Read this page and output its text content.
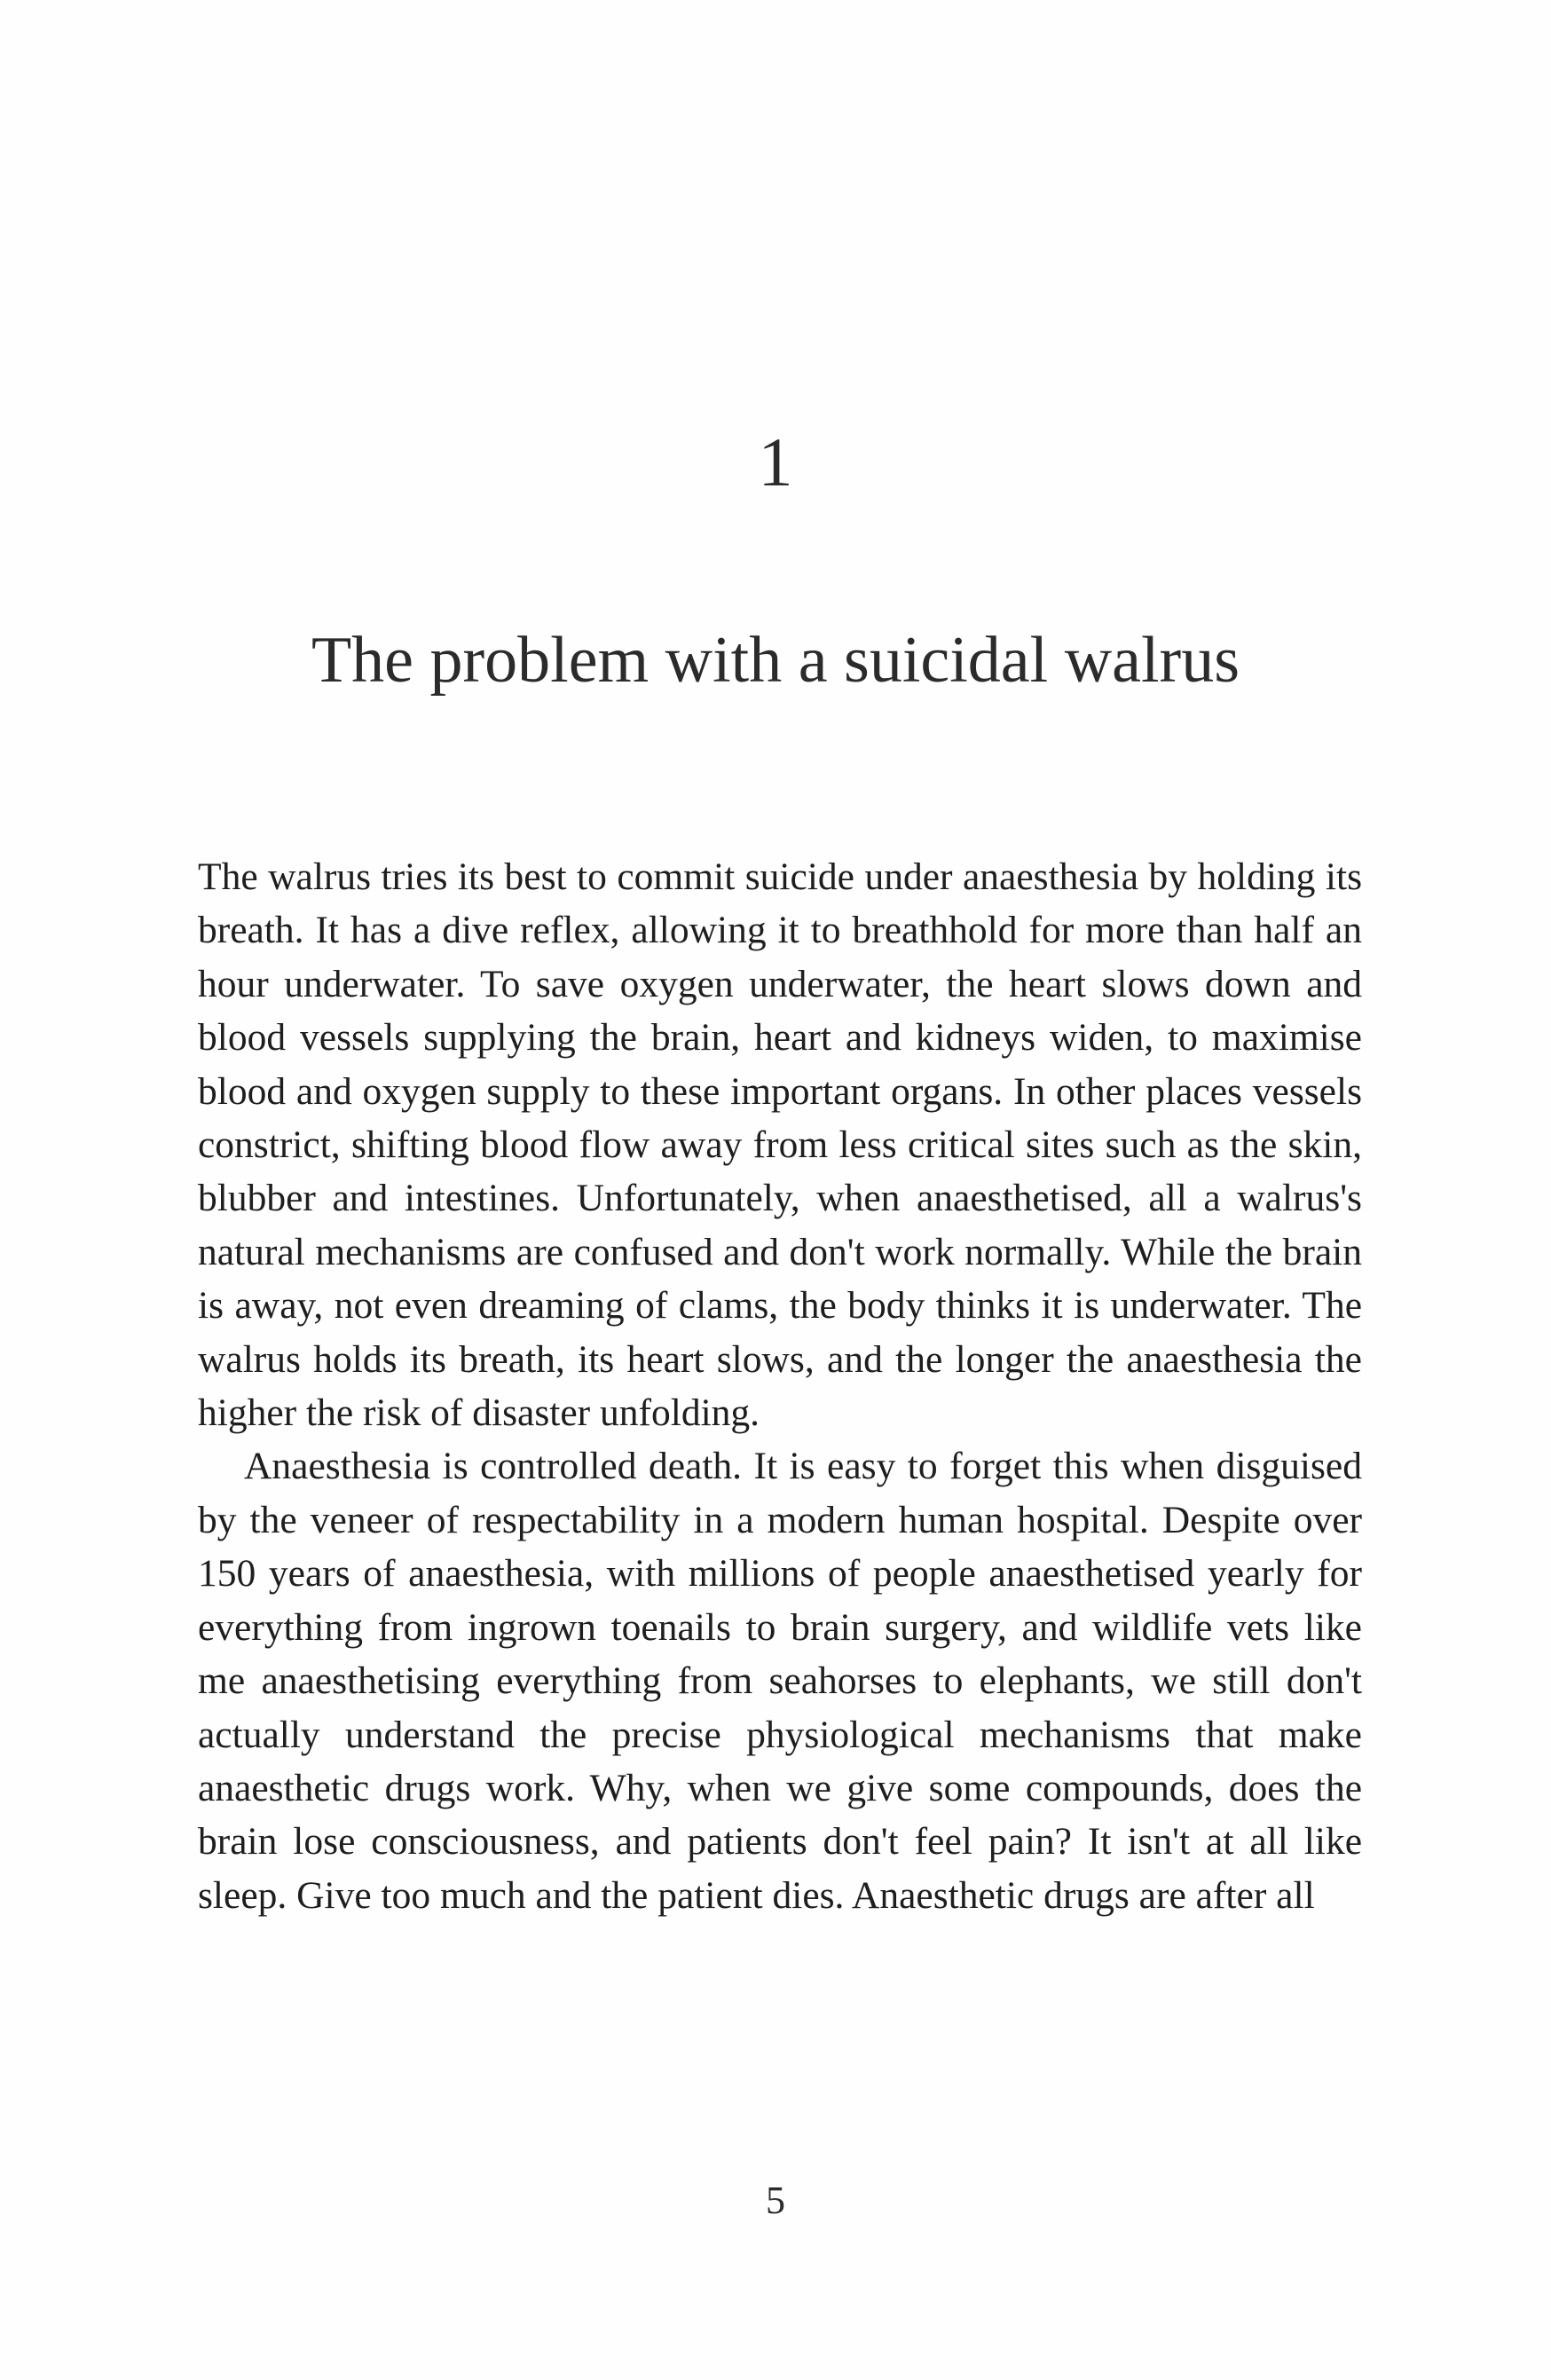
1
The problem with a suicidal walrus

The walrus tries its best to commit suicide under anaesthesia by holding its breath. It has a dive reflex, allowing it to breathhold for more than half an hour underwater. To save oxygen underwater, the heart slows down and blood vessels supplying the brain, heart and kidneys widen, to maximise blood and oxygen supply to these important organs. In other places vessels constrict, shifting blood flow away from less critical sites such as the skin, blubber and intestines. Unfortunately, when anaesthetised, all a walrus's natural mechanisms are confused and don't work normally. While the brain is away, not even dreaming of clams, the body thinks it is underwater. The walrus holds its breath, its heart slows, and the longer the anaesthesia the higher the risk of disaster unfolding.

Anaesthesia is controlled death. It is easy to forget this when disguised by the veneer of respectability in a modern human hospital. Despite over 150 years of anaesthesia, with millions of people anaesthetised yearly for everything from ingrown toenails to brain surgery, and wildlife vets like me anaesthetising everything from seahorses to elephants, we still don't actually understand the precise physiological mechanisms that make anaesthetic drugs work. Why, when we give some compounds, does the brain lose consciousness, and patients don't feel pain? It isn't at all like sleep. Give too much and the patient dies. Anaesthetic drugs are after all

5
